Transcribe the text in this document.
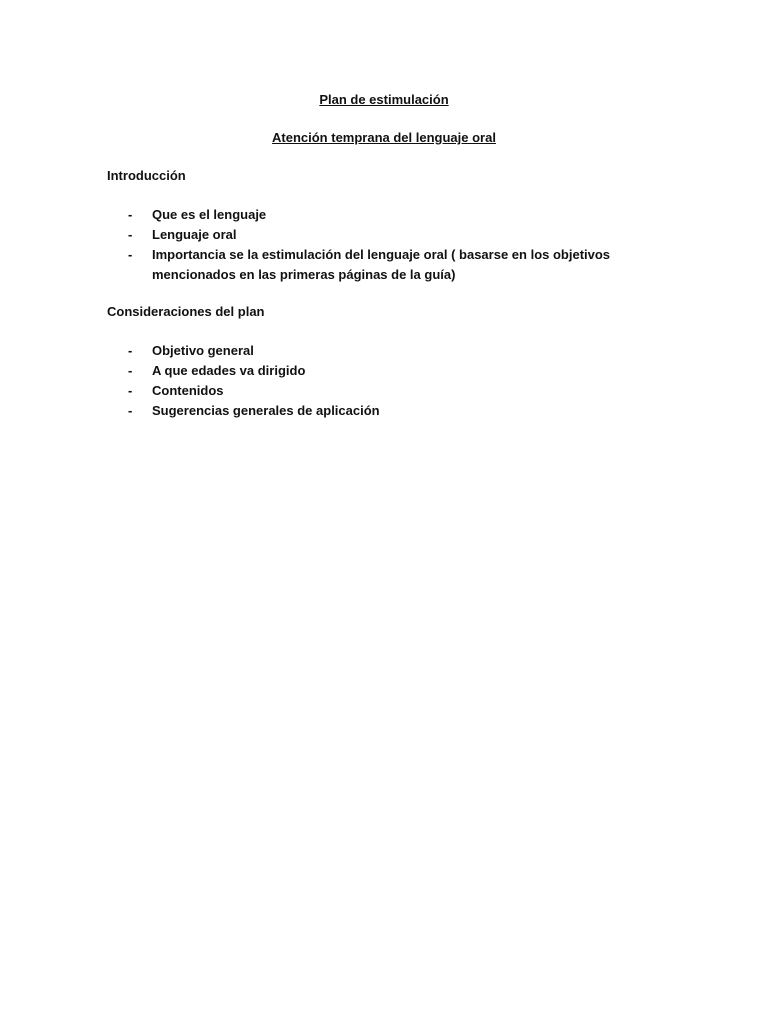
Plan de estimulación
Atención temprana del lenguaje oral
Introducción
- Que es el lenguaje
- Lenguaje oral
- Importancia se la estimulación del lenguaje oral ( basarse en los objetivos mencionados en las primeras páginas de la guía)
Consideraciones del plan
- Objetivo general
- A que edades va dirigido
- Contenidos
- Sugerencias generales de aplicación
